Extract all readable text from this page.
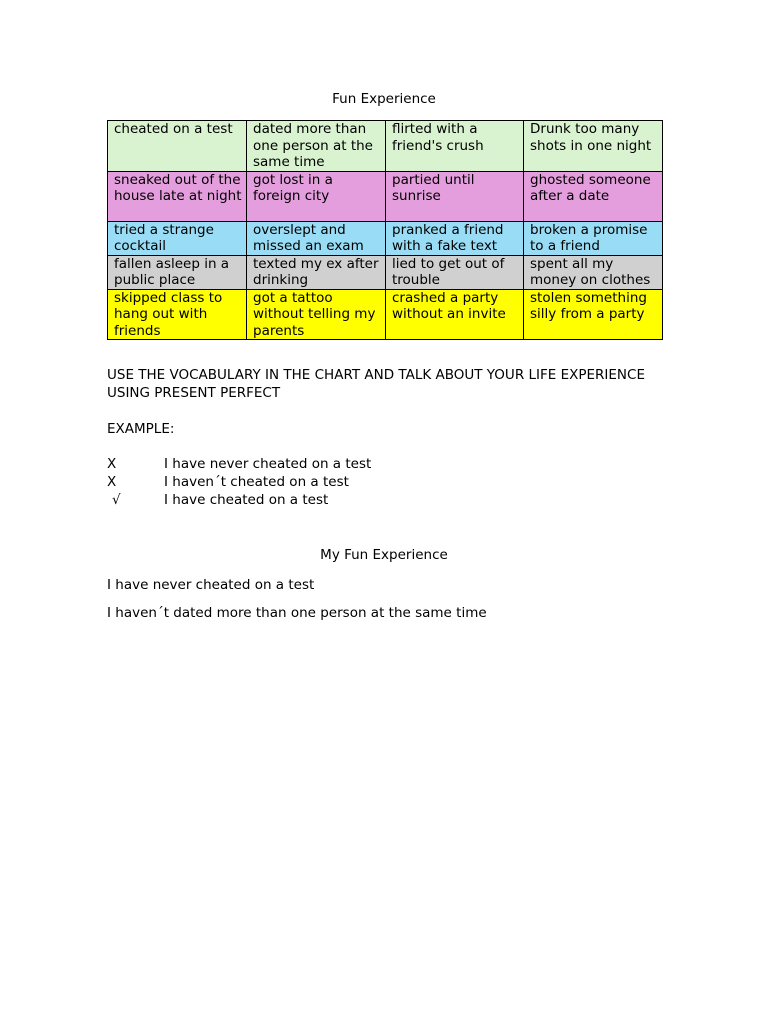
Fun Experience
cheated on a test	dated more than one person at the same time	flirted with a friend's crush	Drunk too many shots in one night
sneaked out of the house late at night	got lost in a foreign city	partied until sunrise	ghosted someone after a date
tried a strange cocktail	overslept and missed an exam	pranked a friend with a fake text	broken a promise to a friend
fallen asleep in a public place	texted my ex after drinking	lied to get out of trouble	spent all my money on clothes
skipped class to hang out with friends	got a tattoo without telling my parents	crashed a party without an invite	stolen something silly from a party
USE THE VOCABULARY IN THE CHART AND TALK ABOUT YOUR LIFE EXPERIENCE USING PRESENT PERFECT
EXAMPLE:
X	I have never cheated on a test
X	I haven´t cheated on a test
√	I have cheated on a test
My Fun Experience
I have never cheated on a test
I haven´t dated more than one person at the same time
